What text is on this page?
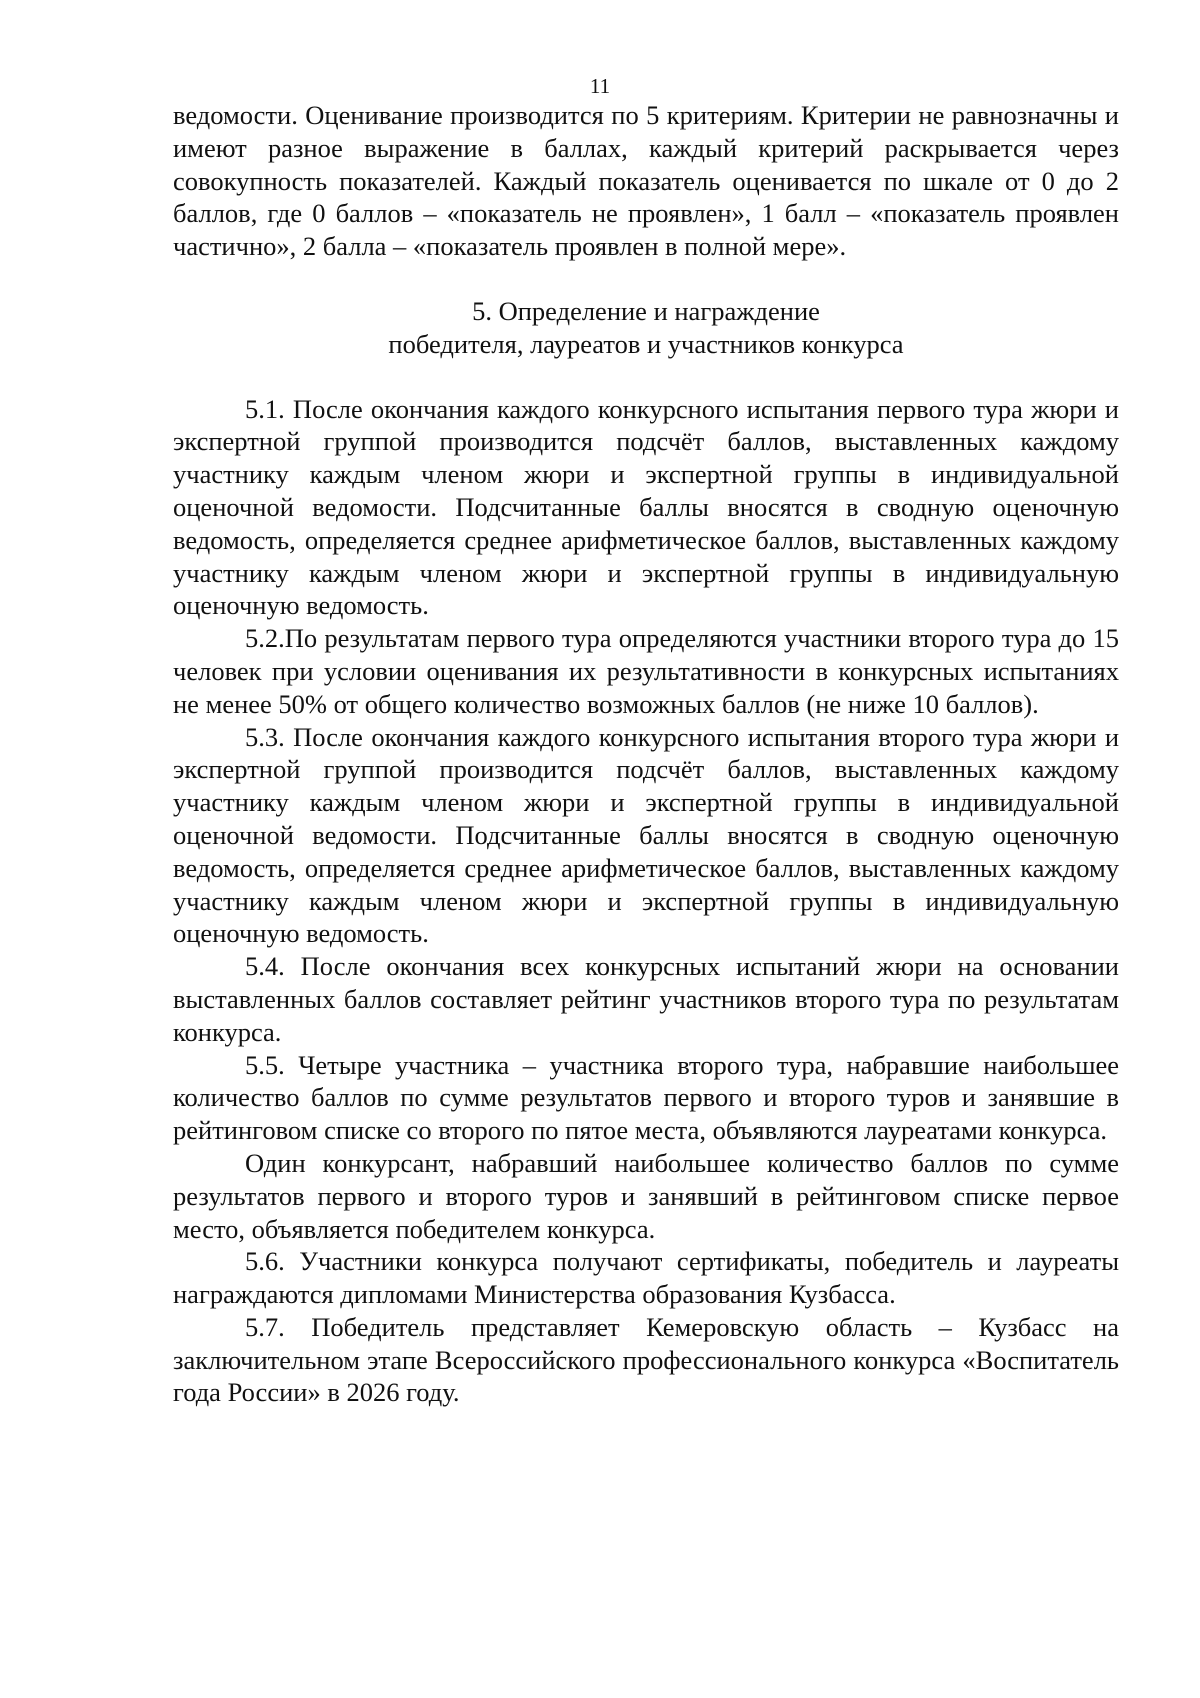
11

ведомости. Оценивание производится по 5 критериям. Критерии не равнозначны и имеют разное выражение в баллах, каждый критерий раскрывается через совокупность показателей. Каждый показатель оценивается по шкале от 0 до 2 баллов, где 0 баллов – «показатель не проявлен», 1 балл – «показатель проявлен частично», 2 балла – «показатель проявлен в полной мере».

5. Определение и награждение
победителя, лауреатов и участников конкурса

5.1. После окончания каждого конкурсного испытания первого тура жюри и экспертной группой производится подсчёт баллов, выставленных каждому участнику каждым членом жюри и экспертной группы в индивидуальной оценочной ведомости. Подсчитанные баллы вносятся в сводную оценочную ведомость, определяется среднее арифметическое баллов, выставленных каждому участнику каждым членом жюри и экспертной группы в индивидуальную оценочную ведомость.

5.2.По результатам первого тура определяются участники второго тура до 15 человек при условии оценивания их результативности в конкурсных испытаниях не менее 50% от общего количество возможных баллов (не ниже 10 баллов).

5.3. После окончания каждого конкурсного испытания второго тура жюри и экспертной группой производится подсчёт баллов, выставленных каждому участнику каждым членом жюри и экспертной группы в индивидуальной оценочной ведомости. Подсчитанные баллы вносятся в сводную оценочную ведомость, определяется среднее арифметическое баллов, выставленных каждому участнику каждым членом жюри и экспертной группы в индивидуальную оценочную ведомость.

5.4. После окончания всех конкурсных испытаний жюри на основании выставленных баллов составляет рейтинг участников второго тура по результатам конкурса.

5.5. Четыре участника – участника второго тура, набравшие наибольшее количество баллов по сумме результатов первого и второго туров и занявшие в рейтинговом списке со второго по пятое места, объявляются лауреатами конкурса.

Один конкурсант, набравший наибольшее количество баллов по сумме результатов первого и второго туров и занявший в рейтинговом списке первое место, объявляется победителем конкурса.

5.6. Участники конкурса получают сертификаты, победитель и лауреаты награждаются дипломами Министерства образования Кузбасса.

5.7. Победитель представляет Кемеровскую область – Кузбасс на заключительном этапе Всероссийского профессионального конкурса «Воспитатель года России» в 2026 году.
